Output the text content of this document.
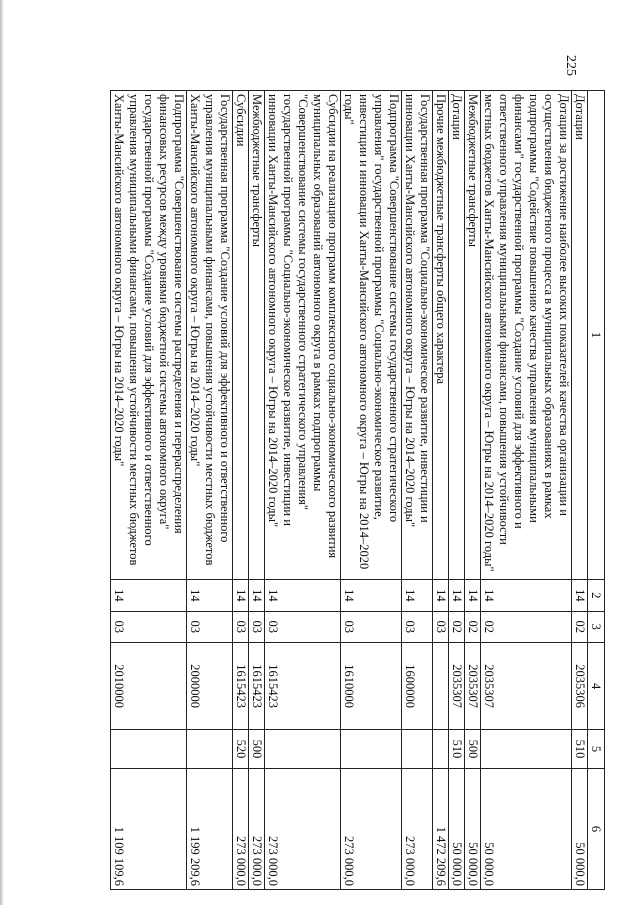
225
1	2	3	4	5	6
Дотации	14	02	2035306	510	50 000,0
Дотации за достижение наиболее высоких показателей качества организации и осуществления бюджетного процесса в муниципальных образованиях в рамках подпрограммы "Содействие повышению качества управления муниципальными финансами" государственной программы "Создание условий для эффективного и ответственного управления муниципальными финансами, повышения устойчивости местных бюджетов Ханты-Мансийского автономного округа – Югры на 2014–2020 годы"	14	02	2035307		50 000,0
Межбюджетные трансферты	14	02	2035307	500	50 000,0
Дотации	14	02	2035307	510	50 000,0
Прочие межбюджетные трансферты общего характера	14	03			1 472 209,6
Государственная программа "Социально-экономическое развитие, инвестиции и инновации Ханты-Мансийского автономного округа – Югры на 2014–2020 годы"	14	03	1600000		273 000,0
Подпрограмма "Совершенствование системы государственного стратегического управления" государственной программы "Социально-экономическое развитие, инвестиции и инновации Ханты-Мансийского автономного округа – Югры на 2014–2020 годы"	14	03	1610000		273 000,0
Субсидии на реализацию программ комплексного социально-экономического развития муниципальных образований автономного округа в рамках подпрограммы "Совершенствование системы государственного стратегического управления" государственной программы "Социально-экономическое развитие, инвестиции и инновации Ханты-Мансийского автономного округа – Югры на 2014–2020 годы"	14	03	1615423		273 000,0
Межбюджетные трансферты	14	03	1615423	500	273 000,0
Субсидии	14	03	1615423	520	273 000,0
Государственная программа "Создание условий для эффективного и ответственного управления муниципальными финансами, повышения устойчивости местных бюджетов Ханты-Мансийского автономного округа – Югры на 2014–2020 годы"	14	03	2000000		1 199 209,6
Подпрограмма "Совершенствование системы распределения и перераспределения финансовых ресурсов между уровнями бюджетной системы автономного округа" государственной программы "Создание условий для эффективного и ответственного управления муниципальными финансами, повышения устойчивости местных бюджетов Ханты-Мансийского автономного округа – Югры на 2014–2020 годы"	14	03	2010000		1 109 109,6
